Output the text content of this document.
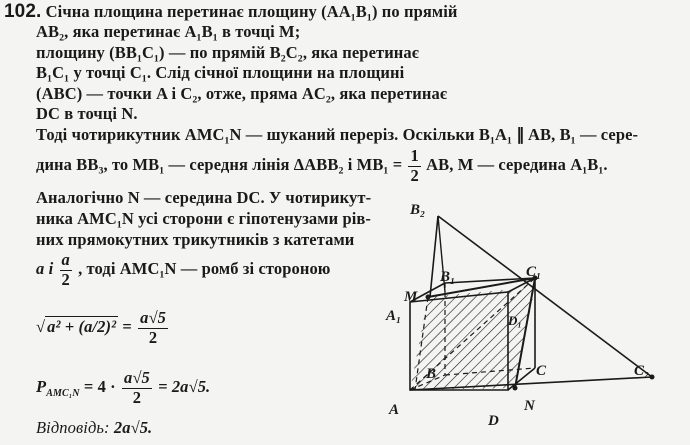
102. Січна площина перетинає площину (AA₁B₁) по прямій
AB₂, яка перетинає A₁B₁ в точці M;
площину (BB₁C₁) — по прямій B₂C₂, яка перетинає
B₁C₁ у точці C₁. Слід січної площини на площині
(ABC) — точки A і C₂, отже, пряма AC₂, яка перетинає
DC в точці N.
Тоді чотирикутник AMC₁N — шуканий переріз. Оскільки B₁A₁ ∥ AB, B₁ — сере-
дина BB₃, то MB₁ — середня лінія ΔABB₂ і $MB_1 = \frac{1}{2}$ AB, M — середина A₁B₁.
Аналогічно N — середина DC. У чотирикут-
ника AMC₁N усі сторони є гіпотенузами рів-
них прямокутних трикутників з катетами
a і $\frac{a}{2}$ , тоді AMC₁N — ромб зі стороною
√ $a^2 + (a/2)^2 = \frac{a√5}{2}$
$P_{AMC_1N} = 4 \cdot \frac{a√5}{2} = 2a√5$.
Відповідь: 2a√5.
B₂
B₁	C₁
M
A₁	D₁
B	C	C₂
A
D
N
